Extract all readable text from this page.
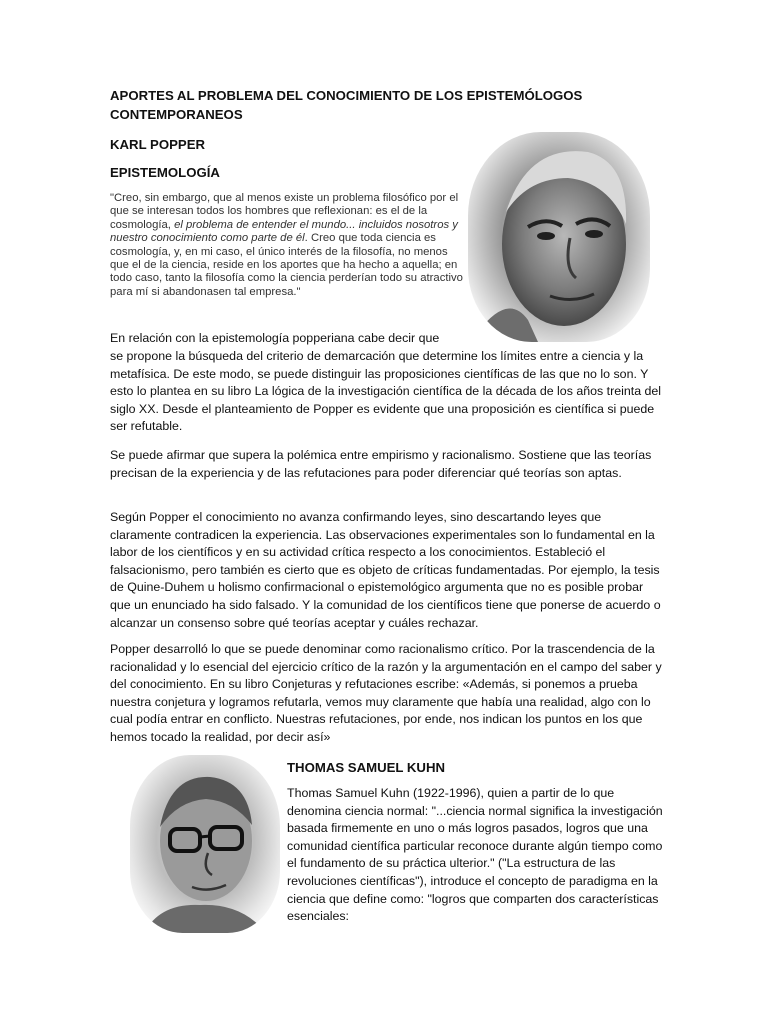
APORTES AL PROBLEMA DEL CONOCIMIENTO DE LOS EPISTEMÓLOGOS
CONTEMPORANEOS
KARL POPPER
EPISTEMOLOGÍA
"Creo, sin embargo, que al menos existe un problema filosófico por el que se interesan todos los hombres que reflexionan: es el de la cosmología, el problema de entender el mundo... incluidos nosotros y nuestro conocimiento como parte de él. Creo que toda ciencia es cosmología, y, en mi caso, el único interés de la filosofía, no menos que el de la ciencia, reside en los aportes que ha hecho a aquella; en todo caso, tanto la filosofía como la ciencia perderían todo su atractivo para mí si abandonasen tal empresa."
En relación con la epistemología popperiana cabe decir que
se propone la búsqueda del criterio de demarcación que determine los límites entre a ciencia y la metafísica. De este modo, se puede distinguir las proposiciones científicas de las que no lo son. Y esto lo plantea en su libro La lógica de la investigación científica de la década de los años treinta del siglo XX. Desde el planteamiento de Popper es evidente que una proposición es científica si puede ser refutable.
Se puede afirmar que supera la polémica entre empirismo y racionalismo. Sostiene que las teorías precisan de la experiencia y de las refutaciones para poder diferenciar qué teorías son aptas.
Según Popper el conocimiento no avanza confirmando leyes, sino descartando leyes que claramente contradicen la experiencia. Las observaciones experimentales son lo fundamental en la labor de los científicos y en su actividad crítica respecto a los conocimientos. Estableció el falsacionismo, pero también es cierto que es objeto de críticas fundamentadas. Por ejemplo, la tesis de Quine-Duhem u holismo confirmacional o epistemológico argumenta que no es posible probar que un enunciado ha sido falsado. Y la comunidad de los científicos tiene que ponerse de acuerdo o alcanzar un consenso sobre qué teorías aceptar y cuáles rechazar.
Popper desarrolló lo que se puede denominar como racionalismo crítico. Por la trascendencia de la racionalidad y lo esencial del ejercicio crítico de la razón y la argumentación en el campo del saber y del conocimiento. En su libro Conjeturas y refutaciones escribe: «Además, si ponemos a prueba nuestra conjetura y logramos refutarla, vemos muy claramente que había una realidad, algo con lo cual podía entrar en conflicto. Nuestras refutaciones, por ende, nos indican los puntos en los que hemos tocado la realidad, por decir así»
THOMAS SAMUEL KUHN
Thomas Samuel Kuhn (1922-1996), quien a partir de lo que denomina ciencia normal: "...ciencia normal significa la investigación basada firmemente en uno o más logros pasados, logros que una comunidad científica particular reconoce durante algún tiempo como el fundamento de su práctica ulterior." ("La estructura de las revoluciones científicas"), introduce el concepto de paradigma en la ciencia que define como: "logros que comparten dos características esenciales:
